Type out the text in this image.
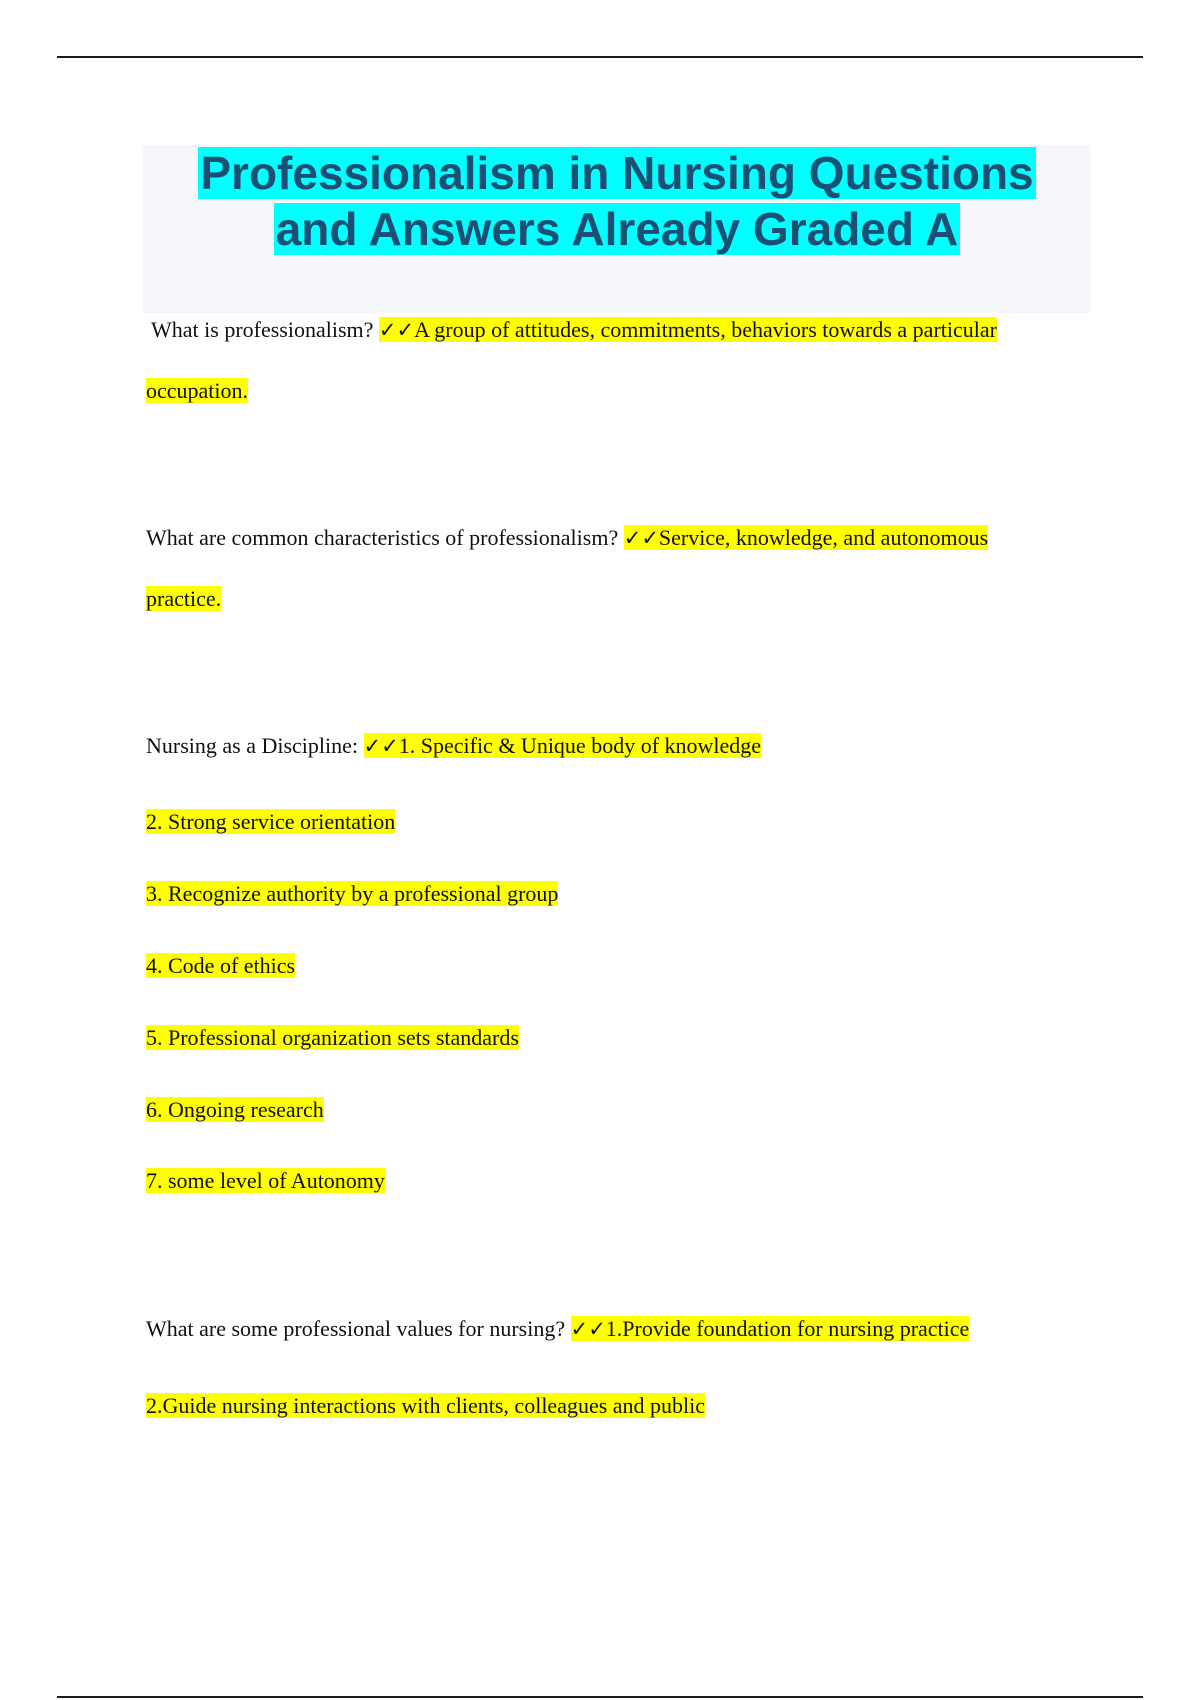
Professionalism in Nursing Questions
and Answers Already Graded A
What is professionalism? ✓✓A group of attitudes, commitments, behaviors towards a particular
occupation.
What are common characteristics of professionalism? ✓✓Service, knowledge, and autonomous
practice.
Nursing as a Discipline: ✓✓1. Specific & Unique body of knowledge
2. Strong service orientation
3. Recognize authority by a professional group
4. Code of ethics
5. Professional organization sets standards
6. Ongoing research
7. some level of Autonomy
What are some professional values for nursing? ✓✓1.Provide foundation for nursing practice
2.Guide nursing interactions with clients, colleagues and public
